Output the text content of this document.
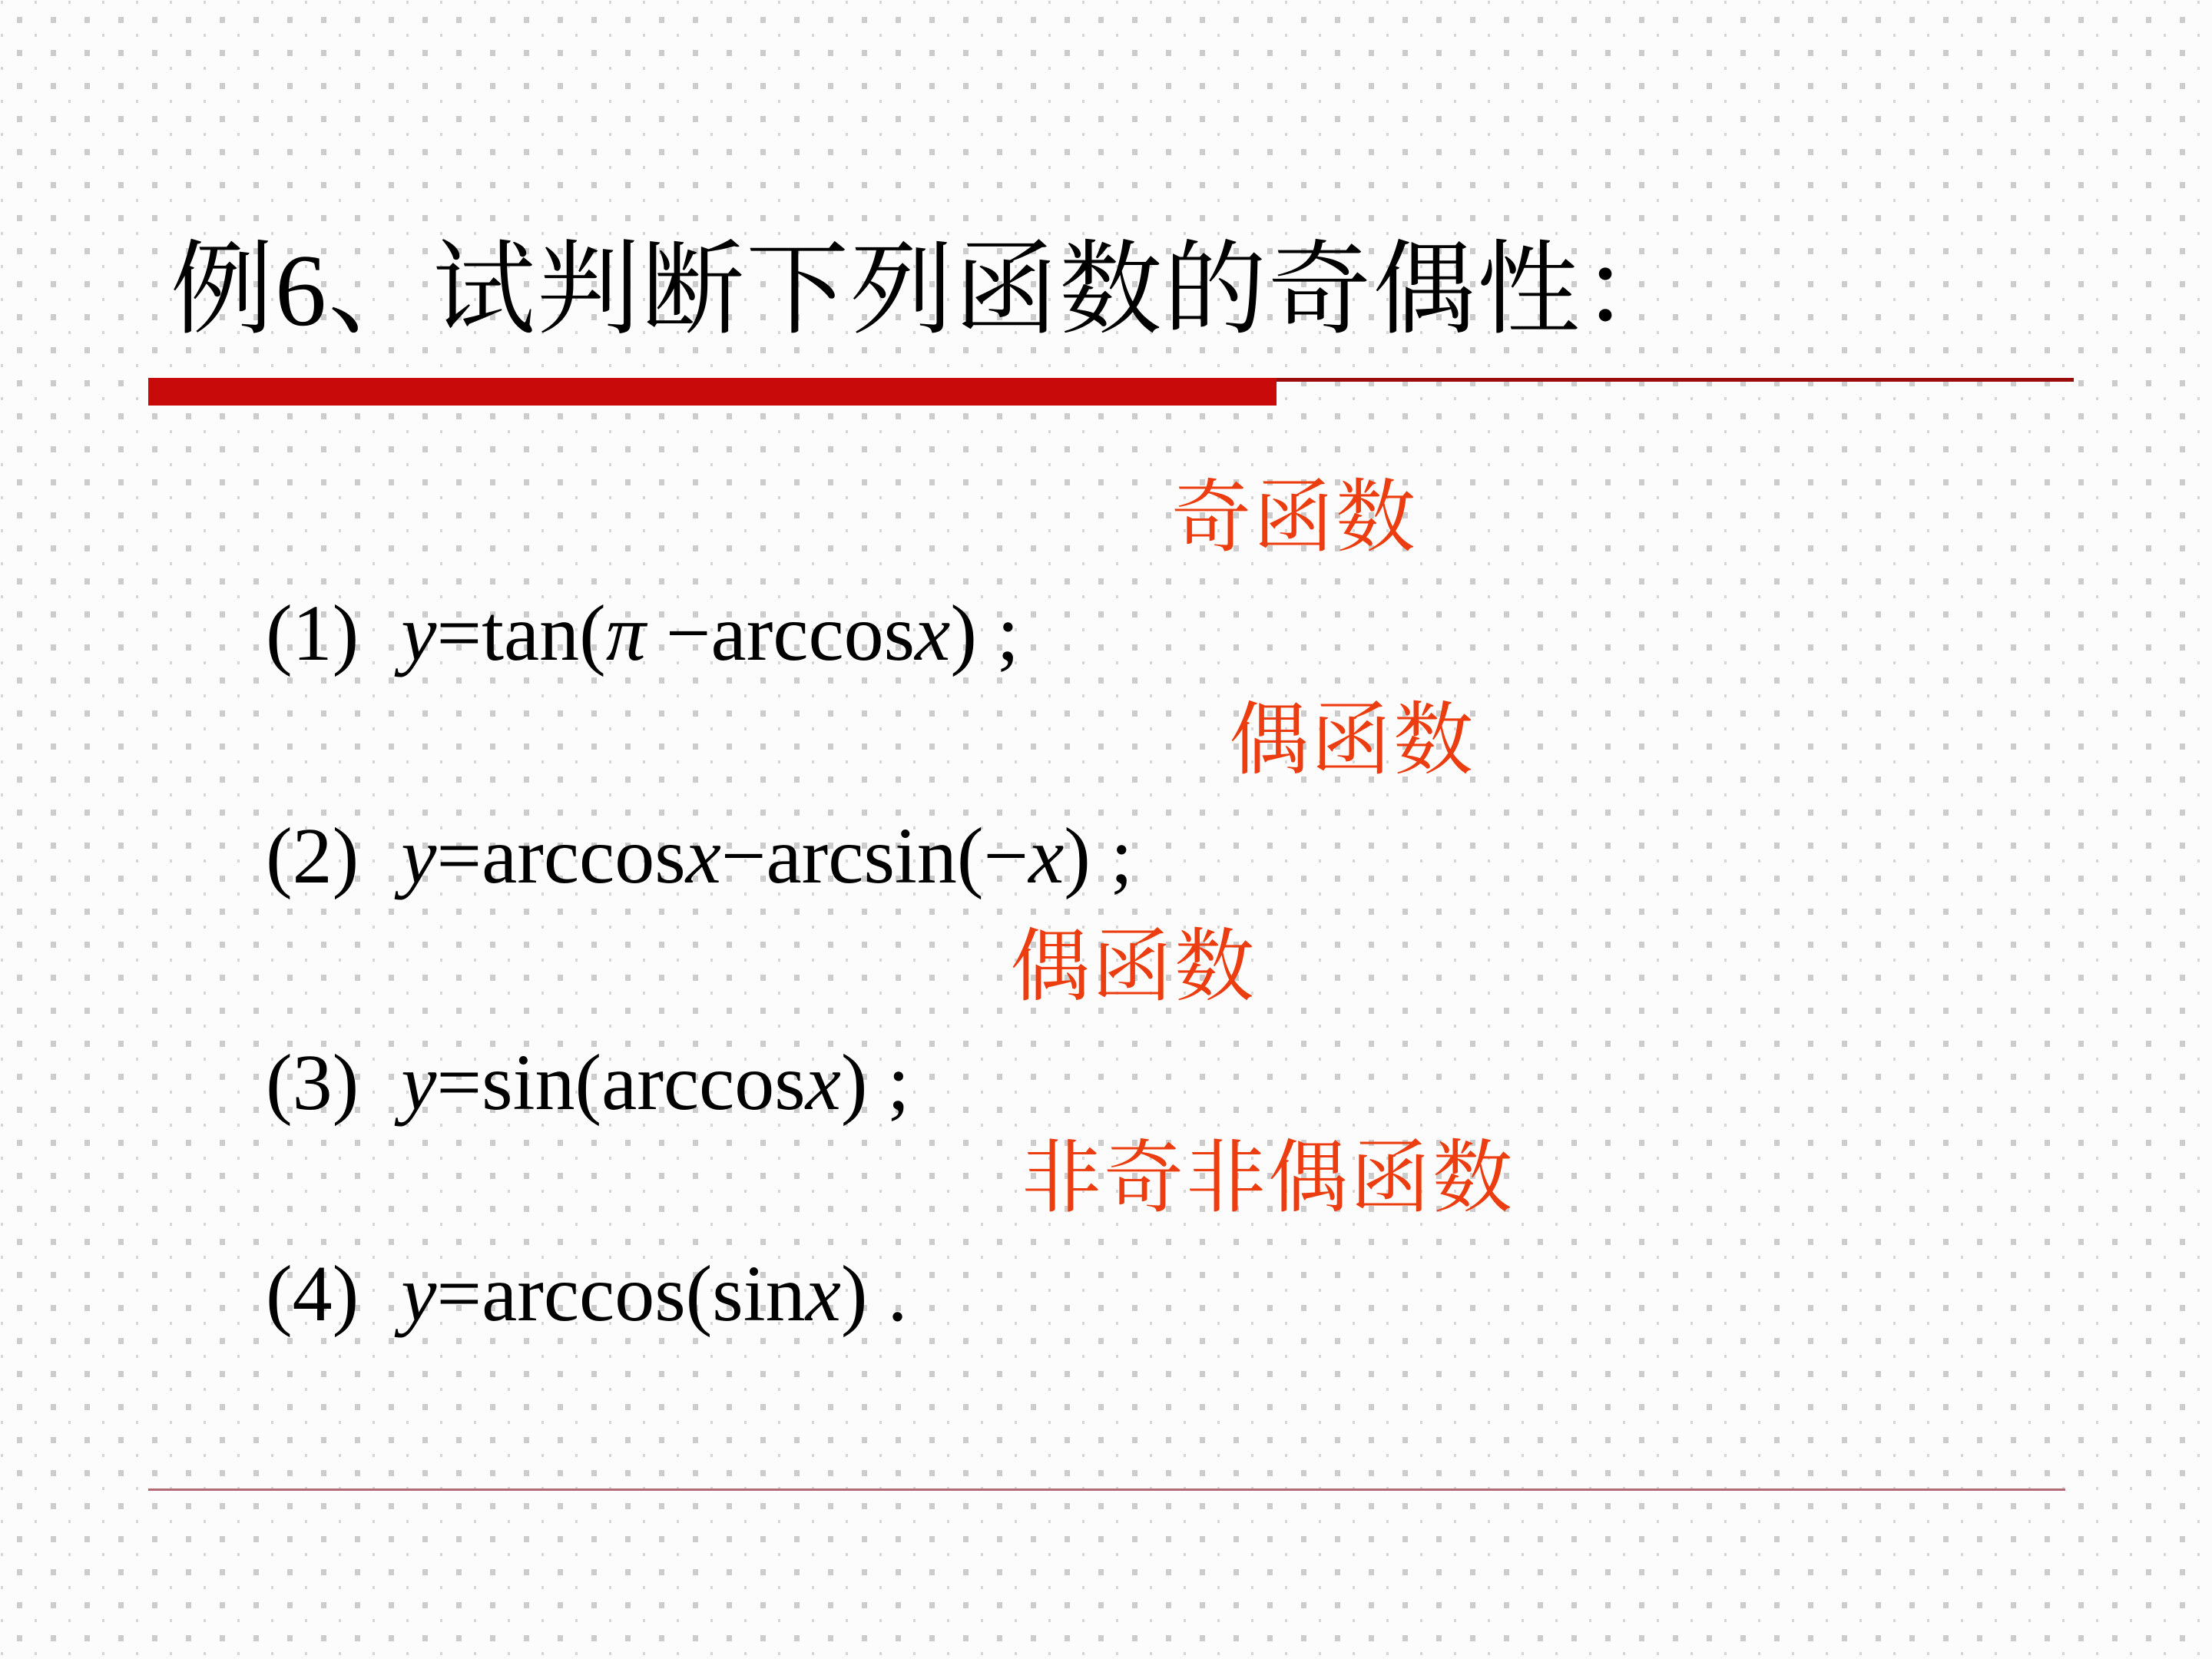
例6、试判断下列函数的奇偶性：

(1) y=tan(π −arccosx) ;

奇函数

(2) y=arccosx−arcsin(−x) ;

偶函数

(3) y=sin(arccosx) ;

偶函数

(4) y=arccos(sinx) .

非奇非偶函数
